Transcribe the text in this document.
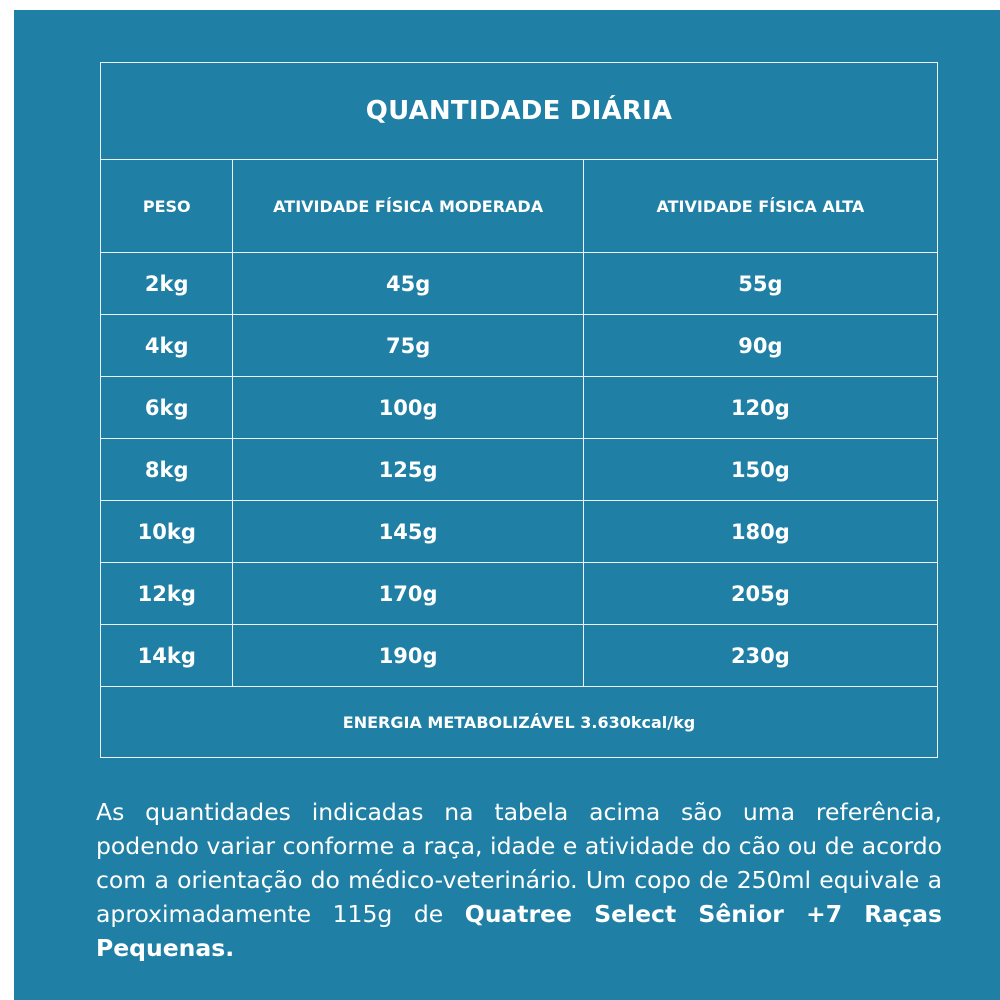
QUANTIDADE DIÁRIA		
PESO	ATIVIDADE FÍSICA MODERADA	ATIVIDADE FÍSICA ALTA
2kg	45g	55g
4kg	75g	90g
6kg	100g	120g
8kg	125g	150g
10kg	145g	180g
12kg	170g	205g
14kg	190g	230g
ENERGIA METABOLIZÁVEL 3.630kcal/kg		

As quantidades indicadas na tabela acima são uma referência, podendo variar conforme a raça, idade e atividade do cão ou de acordo com a orientação do médico-veterinário. Um copo de 250ml equivale a aproximadamente 115g de Quatree Select Sênior +7 Raças Pequenas.
